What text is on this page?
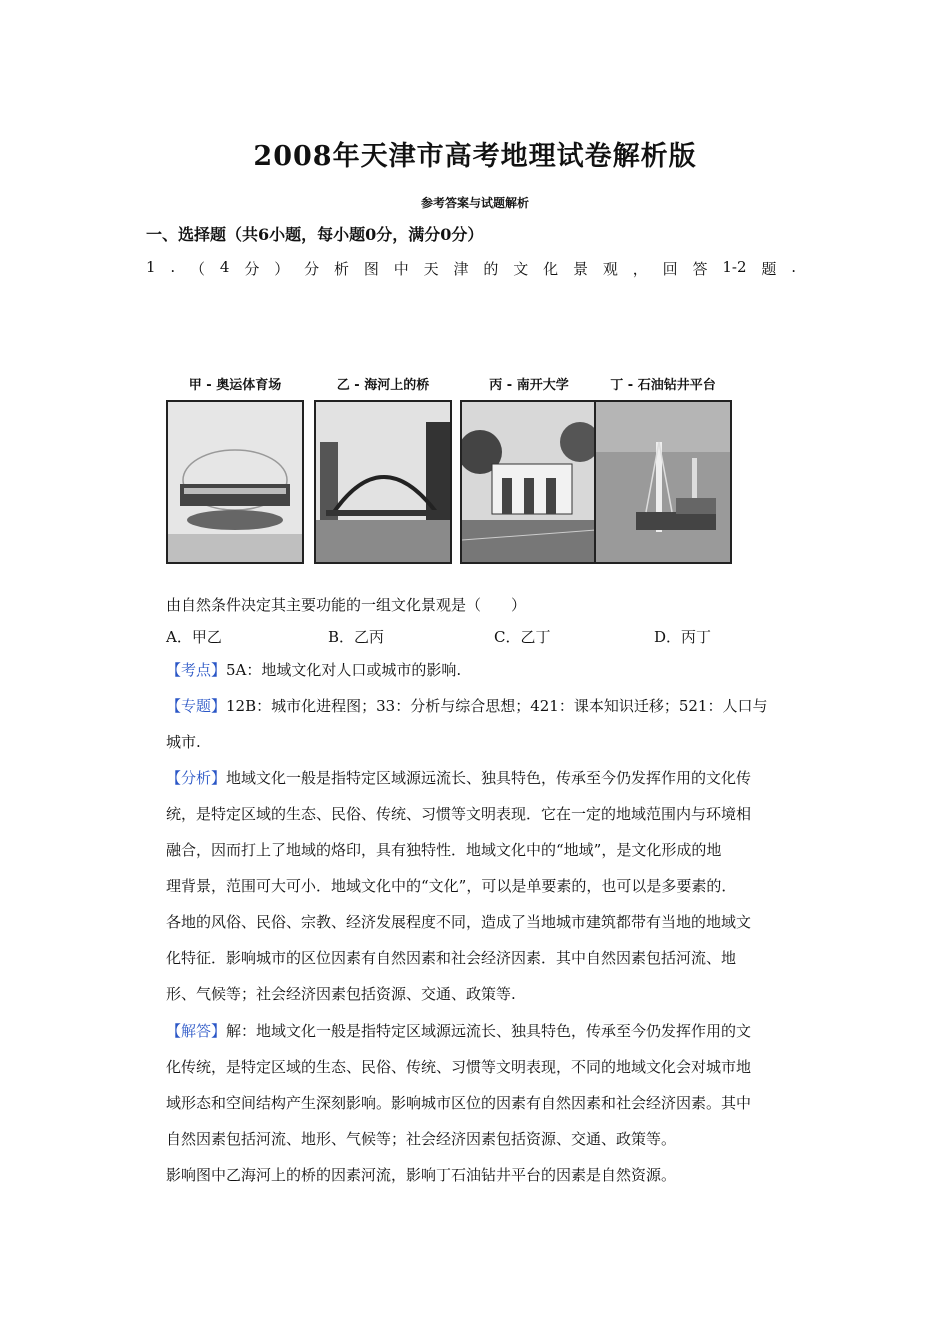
2008年天津市高考地理试卷解析版
参考答案与试题解析
一、选择题（共6小题，每小题0分，满分0分）
1 . （ 4 分 ） 分 析 图 中 天 津 的 文 化 景 观 ， 回 答 1-2 题 .
甲 - 奥运体育场	乙 - 海河上的桥	丙 - 南开大学	丁 - 石油钻井平台
由自然条件决定其主要功能的一组文化景观是（　　）
A．甲乙	B．乙丙	C．乙丁	D．丙丁
【考点】5A：地域文化对人口或城市的影响.
【专题】12B：城市化进程图；33：分析与综合思想；421：课本知识迁移；521：人口与
城市.
【分析】地域文化一般是指特定区域源远流长、独具特色，传承至今仍发挥作用的文化传
统，是特定区域的生态、民俗、传统、习惯等文明表现．它在一定的地域范围内与环境相
融合，因而打上了地域的烙印，具有独特性．地域文化中的“地域”，是文化形成的地
理背景，范围可大可小．地域文化中的“文化”，可以是单要素的，也可以是多要素的．
各地的风俗、民俗、宗教、经济发展程度不同，造成了当地城市建筑都带有当地的地域文
化特征．影响城市的区位因素有自然因素和社会经济因素．其中自然因素包括河流、地
形、气候等；社会经济因素包括资源、交通、政策等.
【解答】解：地域文化一般是指特定区域源远流长、独具特色，传承至今仍发挥作用的文
化传统，是特定区域的生态、民俗、传统、习惯等文明表现，不同的地域文化会对城市地
域形态和空间结构产生深刻影响。影响城市区位的因素有自然因素和社会经济因素。其中
自然因素包括河流、地形、气候等；社会经济因素包括资源、交通、政策等。
影响图中乙海河上的桥的因素河流，影响丁石油钻井平台的因素是自然资源。
